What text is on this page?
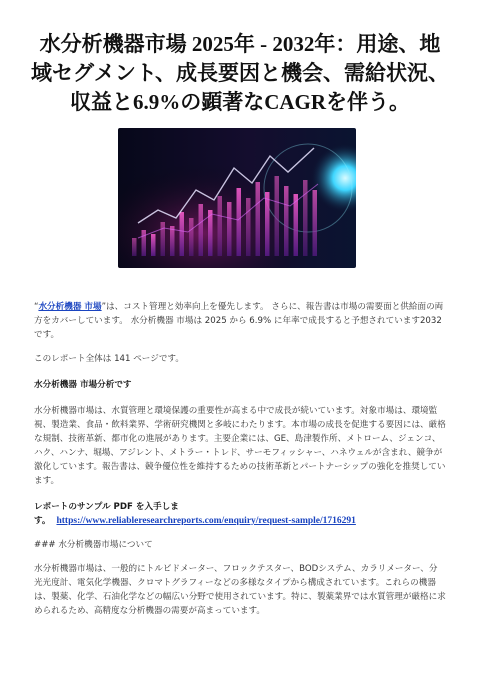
水分析機器市場 2025年 - 2032年：用途、地域セグメント、成長要因と機会、需給状況、収益と6.9%の顕著なCAGRを伴う。

“水分析機器 市場”は、コスト管理と効率向上を優先します。 さらに、報告書は市場の需要面と供給面の両方をカバーしています。 水分析機器 市場は 2025 から 6.9% に年率で成長すると予想されています2032 です。

このレポート全体は 141 ページです。

水分析機器 市場分析です

水分析機器市場は、水質管理と環境保護の重要性が高まる中で成長が続いています。対象市場は、環境監視、製造業、食品・飲料業界、学術研究機関と多岐にわたります。本市場の成長を促進する要因には、厳格な規制、技術革新、都市化の進展があります。主要企業には、GE、島津製作所、メトローム、ジェンコ、ハク、ハンナ、堀場、アジレント、メトラー・トレド、サーモフィッシャー、ハネウェルが含まれ、競争が激化しています。報告書は、競争優位性を維持するための技術革新とパートナーシップの強化を推奨しています。

レポートのサンプル PDF を入手しま
す。 https://www.reliableresearchreports.com/enquiry/request-sample/1716291

### 水分析機器市場について

水分析機器市場は、一般的にトルビドメーター、フロックテスター、BODシステム、カラリメーター、分光光度計、電気化学機器、クロマトグラフィーなどの多様なタイプから構成されています。これらの機器は、製薬、化学、石油化学などの幅広い分野で使用されています。特に、製薬業界では水質管理が厳格に求められるため、高精度な分析機器の需要が高まっています。
